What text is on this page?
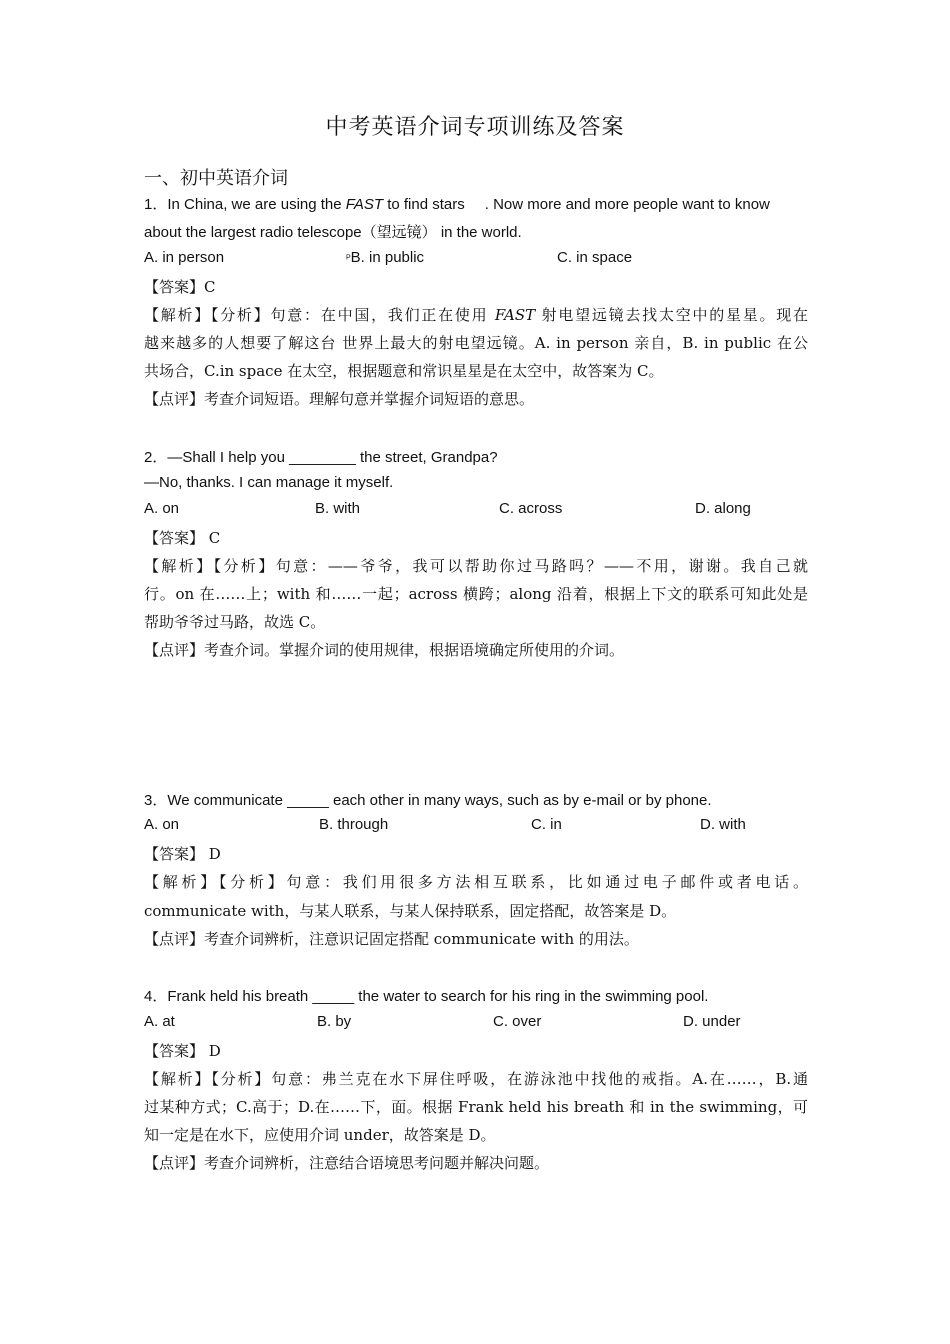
中考英语介词专项训练及答案
一、初中英语介词
1．In China, we are using the FAST to find stars . Now more and more people want to know
about the largest radio telescope（望远镜） in the world.
A. in person	PB. in public	C. in space
【答案】C
【解析】【分析】句意：在中国，我们正在使用 FAST 射电望远镜去找太空中的星星。现在
越来越多的人想要了解这台 世界上最大的射电望远镜。A. in person 亲自，B. in public 在公
共场合，C.in space 在太空，根据题意和常识星星是在太空中，故答案为 C。
【点评】考查介词短语。理解句意并掌握介词短语的意思。
2．—Shall I help you ________ the street, Grandpa?
—No, thanks. I can manage it myself.
A. on	B. with	C. across	D. along
【答案】 C
【解析】【分析】句意：——爷爷，我可以帮助你过马路吗？——不用，谢谢。我自己就
行。on 在……上；with 和……一起；across 横跨；along 沿着，根据上下文的联系可知此处是
帮助爷爷过马路，故选 C。
【点评】考查介词。掌握介词的使用规律，根据语境确定所使用的介词。
3．We communicate _____ each other in many ways, such as by e-mail or by phone.
A. on	B. through	C. in	D. with
【答案】 D
【解析】【分析】句意：我们用很多方法相互联系，比如通过电子邮件或者电话。
communicate with，与某人联系，与某人保持联系，固定搭配，故答案是 D。
【点评】考查介词辨析，注意识记固定搭配 communicate with 的用法。
4．Frank held his breath _____ the water to search for his ring in the swimming pool.
A. at	B. by	C. over	D. under
【答案】 D
【解析】【分析】句意：弗兰克在水下屏住呼吸，在游泳池中找他的戒指。A.在……，B.通
过某种方式；C.高于；D.在……下，面。根据 Frank held his breath 和 in the swimming，可
知一定是在水下，应使用介词 under，故答案是 D。
【点评】考查介词辨析，注意结合语境思考问题并解决问题。
